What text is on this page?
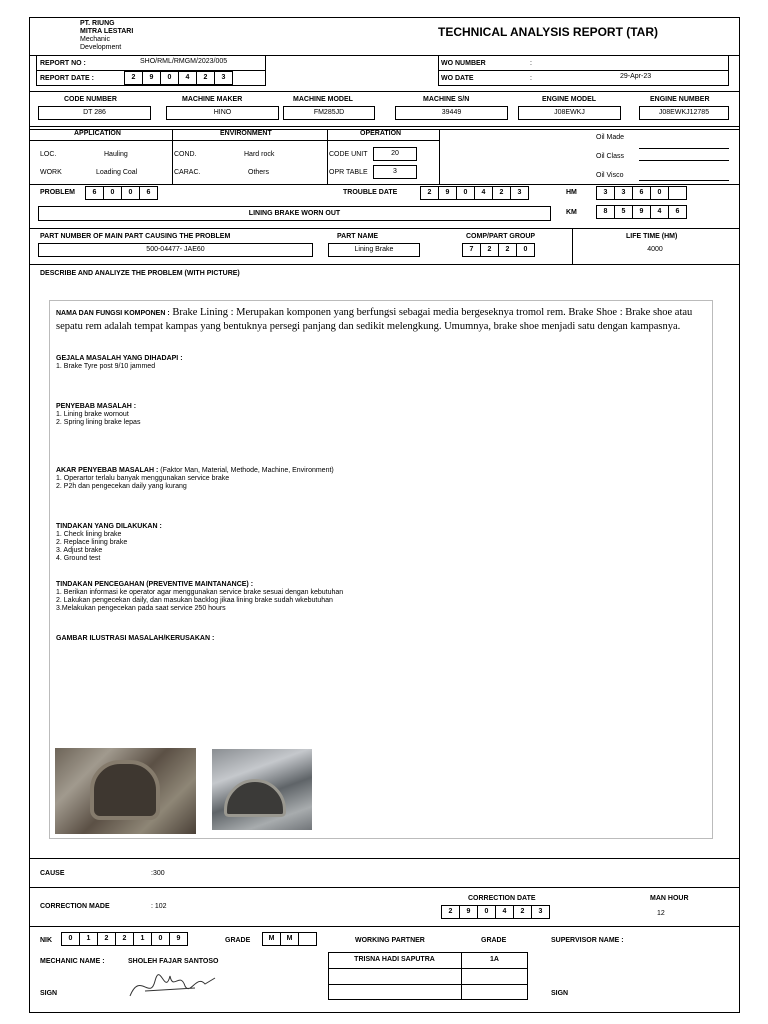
PT. RIUNG
MITRA LESTARI
Mechanic
Development
TECHNICAL ANALYSIS REPORT (TAR)
REPORT NO :	SHO/RML/RMGM/2023/005
REPORT DATE :	2	9	0	4	2	3
WO NUMBER	:
WO DATE	:	29-Apr-23
CODE NUMBER	MACHINE MAKER	MACHINE MODEL	MACHINE S/N	ENGINE MODEL	ENGINE NUMBER
DT 286	HINO	FM285JD	39449	J08EWKJ	J08EWKJ12785
APPLICATION	ENVIRONMENT	OPERATION
LOC.	Hauling
WORK	Loading Coal
COND.	Hard rock
CARAC.	Others
CODE UNIT	20
OPR TABLE	3
Oil Made
Oil Class
Oil Visco
PROBLEM	6	0	0	6	TROUBLE DATE	2	9	0	4	2	3	HM	3	3	6	0
LINING BRAKE WORN OUT	KM	8	5	9	4	6
PART NUMBER OF MAIN PART CAUSING THE PROBLEM	PART NAME	COMP/PART GROUP	LIFE TIME (HM)
500-04477- JAE60	Lining Brake	7	2	2	0	4000
DESCRIBE AND ANALIYZE THE PROBLEM (WITH PICTURE)
NAMA DAN FUNGSI KOMPONEN : Brake Lining : Merupakan komponen yang berfungsi sebagai media bergeseknya tromol rem. Brake Shoe : Brake shoe atau sepatu rem adalah tempat kampas yang bentuknya persegi panjang dan sedikit melengkung. Umumnya, brake shoe menjadi satu dengan kampasnya.
GEJALA MASALAH YANG DIHADAPI :
1. Brake Tyre post 9/10 jammed
PENYEBAB MASALAH :
1. Lining brake wornout
2. Spring lining brake lepas
AKAR PENYEBAB MASALAH : (Faktor Man, Material, Methode, Machine, Environment)
1. Operartor terlalu banyak menggunakan service brake
2. P2h dan pengecekan daily yang kurang
TINDAKAN YANG DILAKUKAN :
1. Check lining brake
2. Replace lining brake
3. Adjust brake
4. Ground test
TINDAKAN PENCEGAHAN (PREVENTIVE MAINTANANCE) :
1. Berikan informasi ke operator agar menggunakan service brake sesuai dengan kebutuhan
2. Lakukan pengecekan daily, dan masukan backlog jikaa lining brake sudah wkebutuhan
3.Melakukan pengecekan pada saat service 250 hours
GAMBAR ILUSTRASI MASALAH/KERUSAKAN :
CAUSE	:300
CORRECTION MADE	: 102
CORRECTION DATE
2	9	0	4	2	3
MAN HOUR
12
NIK	0	1	2	2	1	0	9	GRADE	M	M	WORKING PARTNER	GRADE	SUPERVISOR NAME :
MECHANIC NAME :	SHOLEH FAJAR SANTOSO	TRISNA HADI SAPUTRA	1A
SIGN	SIGN
